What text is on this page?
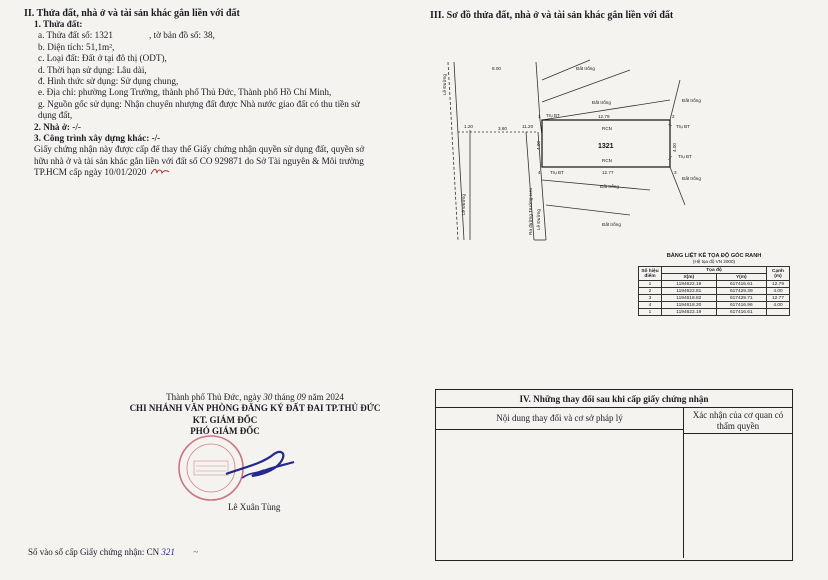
II. Thửa đất, nhà ở và tài sản khác gắn liền với đất
1. Thửa đất:
a. Thửa đất số: 1321	, tờ bản đồ số: 38,
b. Diện tích: 51,1m²,
c. Loại đất: Đất ở tại đô thị (ODT),
d. Thời hạn sử dụng: Lâu dài,
đ. Hình thức sử dụng: Sử dụng chung,
e. Địa chỉ: phường Long Trường, thành phố Thủ Đức, Thành phố Hồ Chí Minh,
g. Nguồn gốc sử dụng: Nhận chuyển nhượng đất được Nhà nước giao đất có thu tiền sử
dụng đất,
2. Nhà ở: -/-
3. Công trình xây dựng khác: -/-
Giấy chứng nhận này được cấp để thay thế Giấy chứng nhận quyền sử dụng đất, quyền sở
hữu nhà ở và tài sản khác gắn liền với đất số CO 929871 do Sở Tài nguyên & Môi trường
TP.HCM cấp ngày 10/01/2020
III. Sơ đồ thửa đất, nhà ở và tài sản khác gắn liền với đất
Lê Đường
Lê Đường	Ra đường Trường Lưu Lê Đường
8.00
3.60
1.20	11.20
12.79
12.77
4.00	4.00
RCN
RCN
1321
1	2
3
4
Trụ BT
Trụ BT
Trụ BT
Trụ BT
Đất trống
Đất trống	Đất trống
Đất trống
Đất trống
Đất trống
BẢNG LIỆT KÊ TỌA ĐỘ GÓC RANH
(Hệ tọa độ VN 2000)
Số hiệu điểm	Tọa độ		Cạnh (m)
	X(m)	Y(m)	
1	1194622.19	617416.61	12.79
2	1194622.81	617429.39	4.00
3	1194618.82	617429.71	12.77
4	1194618.20	617416.96	4.00
1	1194622.19	617416.61	
Thành phố Thủ Đức, ngày 30 tháng 09 năm 2024
CHI NHÁNH VĂN PHÒNG ĐĂNG KÝ ĐẤT ĐAI TP.THỦ ĐỨC
KT. GIÁM ĐỐC
PHÓ GIÁM ĐỐC
Lê Xuân Tùng
Số vào sổ cấp Giấy chứng nhận: CN 321 ~
IV. Những thay đổi sau khi cấp giấy chứng nhận
Nội dung thay đổi và cơ sở pháp lý	Xác nhận của cơ quan có thẩm quyền
